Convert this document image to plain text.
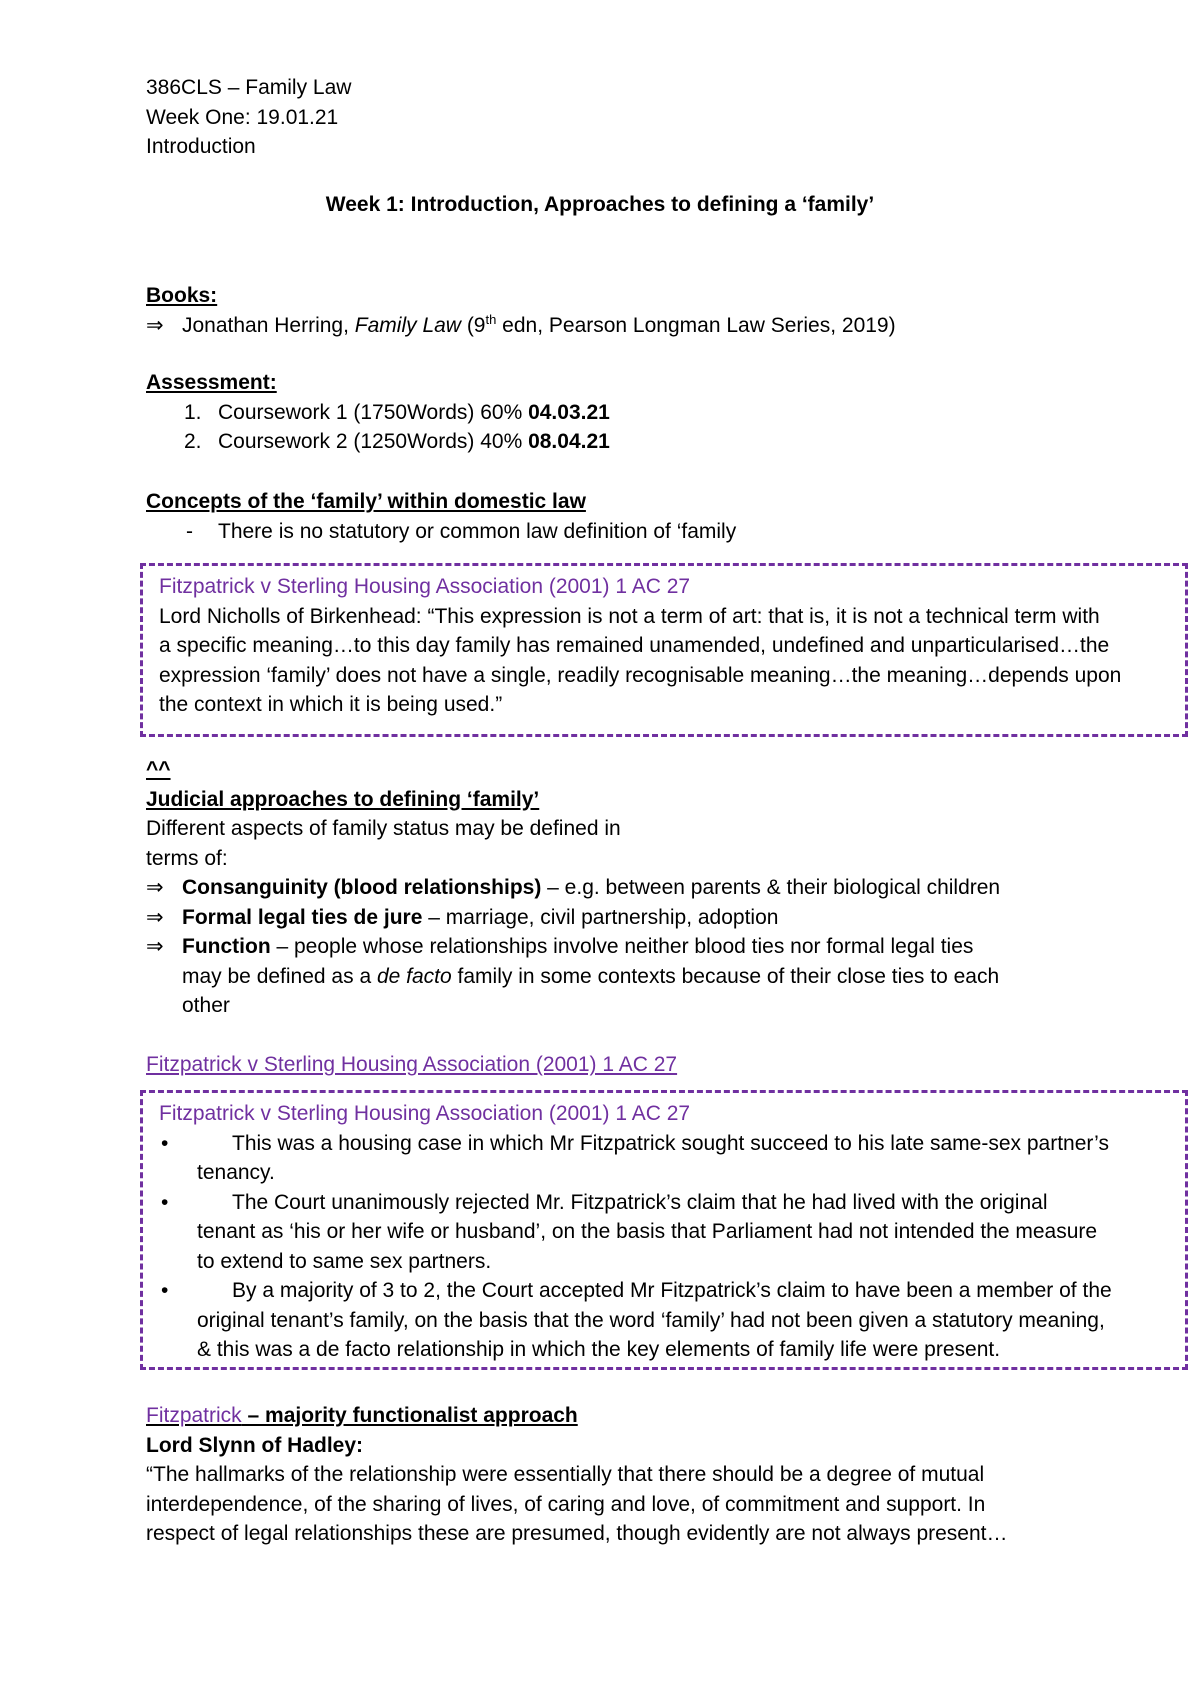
386CLS – Family Law
Week One: 19.01.21
Introduction
Week 1: Introduction, Approaches to defining a ‘family’
Books:
⇒ Jonathan Herring, Family Law (9th edn, Pearson Longman Law Series, 2019)
Assessment:
1. Coursework 1 (1750Words) 60% 04.03.21
2. Coursework 2 (1250Words) 40% 08.04.21
Concepts of the ‘family’ within domestic law
-	There is no statutory or common law definition of ‘family
Fitzpatrick v Sterling Housing Association (2001) 1 AC 27
Lord Nicholls of Birkenhead: “This expression is not a term of art: that is, it is not a technical term with
a specific meaning…to this day family has remained unamended, undefined and unparticularised…the
expression ‘family’ does not have a single, readily recognisable meaning…the meaning…depends upon
the context in which it is being used.”
^^
Judicial approaches to defining ‘family’
Different aspects of family status may be defined in
terms of:
⇒ Consanguinity (blood relationships) – e.g. between parents & their biological children
⇒ Formal legal ties de jure – marriage, civil partnership, adoption
⇒ Function – people whose relationships involve neither blood ties nor formal legal ties
may be defined as a de facto family in some contexts because of their close ties to each
other
Fitzpatrick v Sterling Housing Association (2001) 1 AC 27
Fitzpatrick v Sterling Housing Association (2001) 1 AC 27
•	This was a housing case in which Mr Fitzpatrick sought succeed to his late same-sex partner’s
tenancy.
•	The Court unanimously rejected Mr. Fitzpatrick’s claim that he had lived with the original
tenant as ‘his or her wife or husband’, on the basis that Parliament had not intended the measure
to extend to same sex partners.
•	By a majority of 3 to 2, the Court accepted Mr Fitzpatrick’s claim to have been a member of the
original tenant’s family, on the basis that the word ‘family’ had not been given a statutory meaning,
& this was a de facto relationship in which the key elements of family life were present.
Fitzpatrick – majority functionalist approach
Lord Slynn of Hadley:
“The hallmarks of the relationship were essentially that there should be a degree of mutual
interdependence, of the sharing of lives, of caring and love, of commitment and support. In
respect of legal relationships these are presumed, though evidently are not always present…
